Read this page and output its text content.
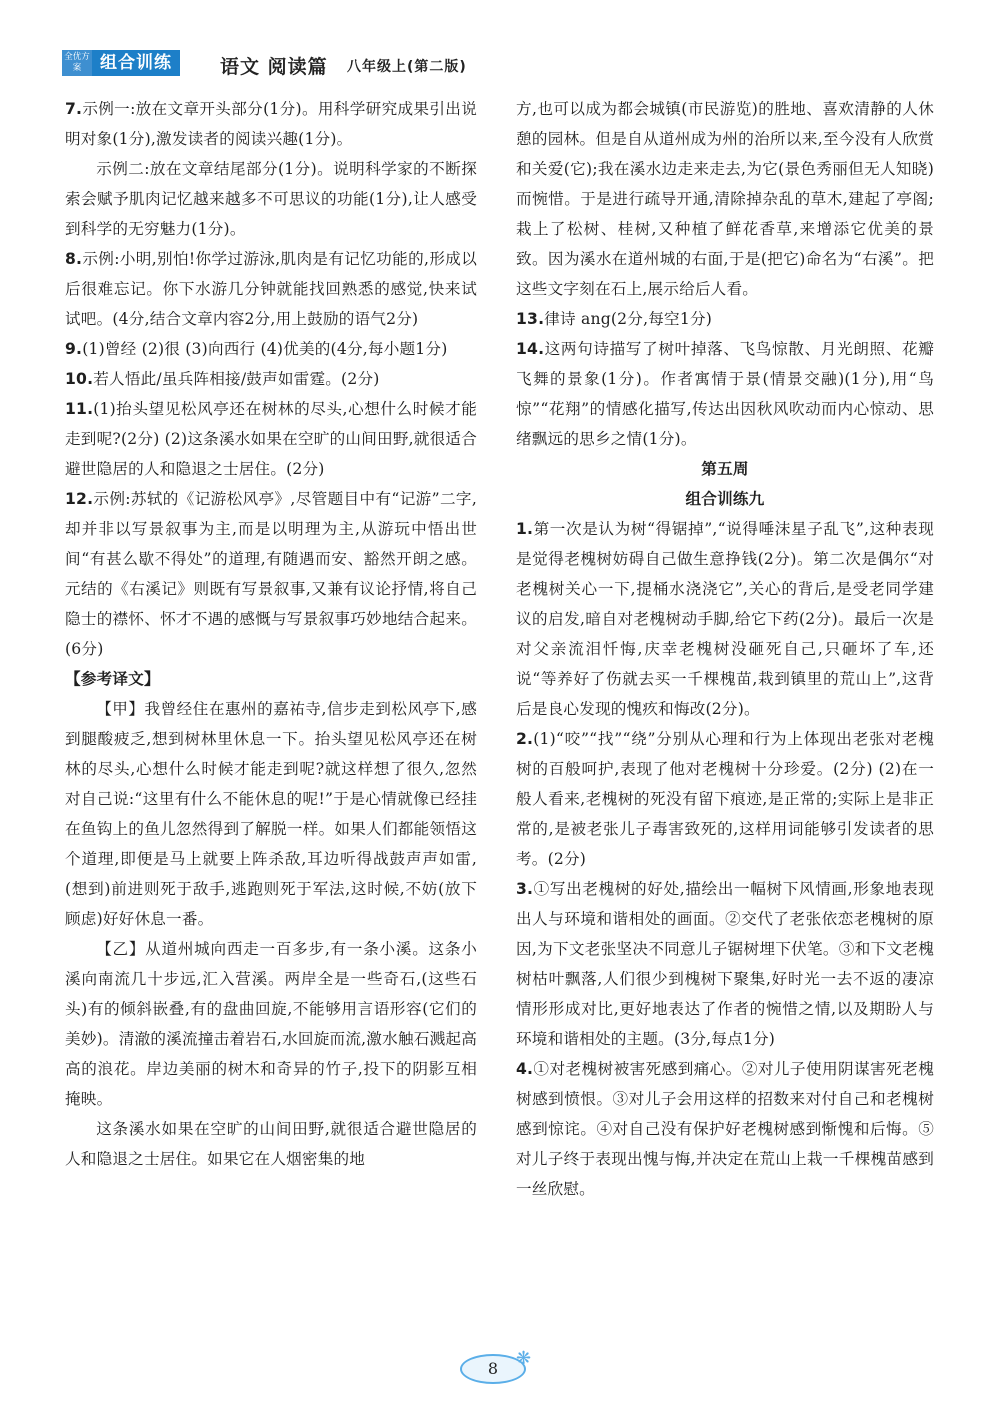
全优方案	组合训练	语文 阅读篇 八年级上(第二版)

7.示例一:放在文章开头部分(1分)。用科学研究成果引出说明对象(1分),激发读者的阅读兴趣(1分)。

示例二:放在文章结尾部分(1分)。说明科学家的不断探索会赋予肌肉记忆越来越多不可思议的功能(1分),让人感受到科学的无穷魅力(1分)。

8.示例:小明,别怕!你学过游泳,肌肉是有记忆功能的,形成以后很难忘记。你下水游几分钟就能找回熟悉的感觉,快来试试吧。(4分,结合文章内容2分,用上鼓励的语气2分)

9.(1)曾经 (2)很 (3)向西行 (4)优美的(4分,每小题1分)

10.若人悟此/虽兵阵相接/鼓声如雷霆。(2分)

11.(1)抬头望见松风亭还在树林的尽头,心想什么时候才能走到呢?(2分) (2)这条溪水如果在空旷的山间田野,就很适合避世隐居的人和隐退之士居住。(2分)

12.示例:苏轼的《记游松风亭》,尽管题目中有“记游”二字,却并非以写景叙事为主,而是以明理为主,从游玩中悟出世间“有甚么歇不得处”的道理,有随遇而安、豁然开朗之感。元结的《右溪记》则既有写景叙事,又兼有议论抒情,将自己隐士的襟怀、怀才不遇的感慨与写景叙事巧妙地结合起来。(6分)

【参考译文】

【甲】我曾经住在惠州的嘉祐寺,信步走到松风亭下,感到腿酸疲乏,想到树林里休息一下。抬头望见松风亭还在树林的尽头,心想什么时候才能走到呢?就这样想了很久,忽然对自己说:“这里有什么不能休息的呢!”于是心情就像已经挂在鱼钩上的鱼儿忽然得到了解脱一样。如果人们都能领悟这个道理,即便是马上就要上阵杀敌,耳边听得战鼓声声如雷,(想到)前进则死于敌手,逃跑则死于军法,这时候,不妨(放下顾虑)好好休息一番。

【乙】从道州城向西走一百多步,有一条小溪。这条小溪向南流几十步远,汇入营溪。两岸全是一些奇石,(这些石头)有的倾斜嵌叠,有的盘曲回旋,不能够用言语形容(它们的美妙)。清澈的溪流撞击着岩石,水回旋而流,激水触石溅起高高的浪花。岸边美丽的树木和奇异的竹子,投下的阴影互相掩映。

这条溪水如果在空旷的山间田野,就很适合避世隐居的人和隐退之士居住。如果它在人烟密集的地

方,也可以成为都会城镇(市民游览)的胜地、喜欢清静的人休憩的园林。但是自从道州成为州的治所以来,至今没有人欣赏和关爱(它);我在溪水边走来走去,为它(景色秀丽但无人知晓)而惋惜。于是进行疏导开通,清除掉杂乱的草木,建起了亭阁;栽上了松树、桂树,又种植了鲜花香草,来增添它优美的景致。因为溪水在道州城的右面,于是(把它)命名为“右溪”。把这些文字刻在石上,展示给后人看。

13.律诗 ang(2分,每空1分)

14.这两句诗描写了树叶掉落、飞鸟惊散、月光朗照、花瓣飞舞的景象(1分)。作者寓情于景(情景交融)(1分),用“鸟惊”“花翔”的情感化描写,传达出因秋风吹动而内心惊动、思绪飘远的思乡之情(1分)。

第五周

组合训练九

1.第一次是认为树“得锯掉”,“说得唾沫星子乱飞”,这种表现是觉得老槐树妨碍自己做生意挣钱(2分)。第二次是偶尔“对老槐树关心一下,提桶水浇浇它”,关心的背后,是受老同学建议的启发,暗自对老槐树动手脚,给它下药(2分)。最后一次是对父亲流泪忏悔,庆幸老槐树没砸死自己,只砸坏了车,还说“等养好了伤就去买一千棵槐苗,栽到镇里的荒山上”,这背后是良心发现的愧疚和悔改(2分)。

2.(1)“咬”“找”“绕”分别从心理和行为上体现出老张对老槐树的百般呵护,表现了他对老槐树十分珍爱。(2分) (2)在一般人看来,老槐树的死没有留下痕迹,是正常的;实际上是非正常的,是被老张儿子毒害致死的,这样用词能够引发读者的思考。(2分)

3.①写出老槐树的好处,描绘出一幅树下风情画,形象地表现出人与环境和谐相处的画面。②交代了老张依恋老槐树的原因,为下文老张坚决不同意儿子锯树埋下伏笔。③和下文老槐树枯叶飘落,人们很少到槐树下聚集,好时光一去不返的凄凉情形形成对比,更好地表达了作者的惋惜之情,以及期盼人与环境和谐相处的主题。(3分,每点1分)

4.①对老槐树被害死感到痛心。②对儿子使用阴谋害死老槐树感到愤恨。③对儿子会用这样的招数来对付自己和老槐树感到惊诧。④对自己没有保护好老槐树感到惭愧和后悔。⑤对儿子终于表现出愧与悔,并决定在荒山上栽一千棵槐苗感到一丝欣慰。

8 ❋
